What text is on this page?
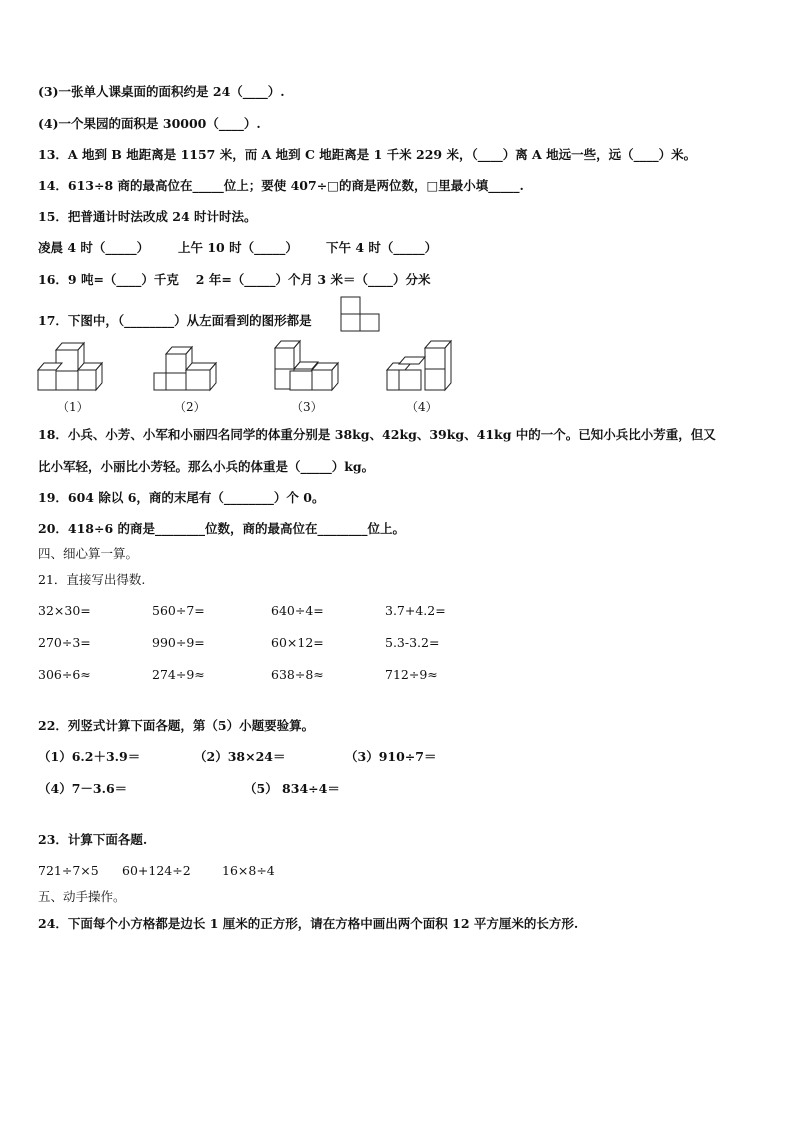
(3)一张单人课桌面的面积约是 24（____）.
(4)一个果园的面积是 30000（____）.
13．A 地到 B 地距离是 1157 米，而 A 地到 C 地距离是 1 千米 229 米，（____）离 A 地远一些，远（____）米。
14．613÷8 商的最高位在_____位上；要使 407÷□的商是两位数，□里最小填_____.
15．把普通计时法改成 24 时计时法。
凌晨 4 时（_____） 上午 10 时（_____） 下午 4 时（_____）
16．9 吨=（____）千克　 2 年=（_____）个月 3 米＝（____）分米
17．下图中，（________）从左面看到的图形都是
（1）	（2）	（3）	（4）
18．小兵、小芳、小军和小丽四名同学的体重分别是 38kg、42kg、39kg、41kg 中的一个。已知小兵比小芳重，但又
比小军轻，小丽比小芳轻。那么小兵的体重是（_____）kg。
19．604 除以 6，商的末尾有（________）个 0。
20．418÷6 的商是________位数，商的最高位在________位上。
四、细心算一算。
21．直接写出得数.
32×30=	560÷7=	640÷4=	3.7+4.2=
270÷3=	990÷9=	60×12=	5.3-3.2=
306÷6≈	274÷9≈	638÷8≈	712÷9≈
22．列竖式计算下面各题，第（5）小题要验算。
（1）6.2＋3.9＝	（2）38×24＝	（3）910÷7＝
（4）7－3.6＝	（5） 834÷4＝
23．计算下面各题.
721÷7×5 60+124÷2	16×8÷4
五、动手操作。
24．下面每个小方格都是边长 1 厘米的正方形，请在方格中画出两个面积 12 平方厘米的长方形.
